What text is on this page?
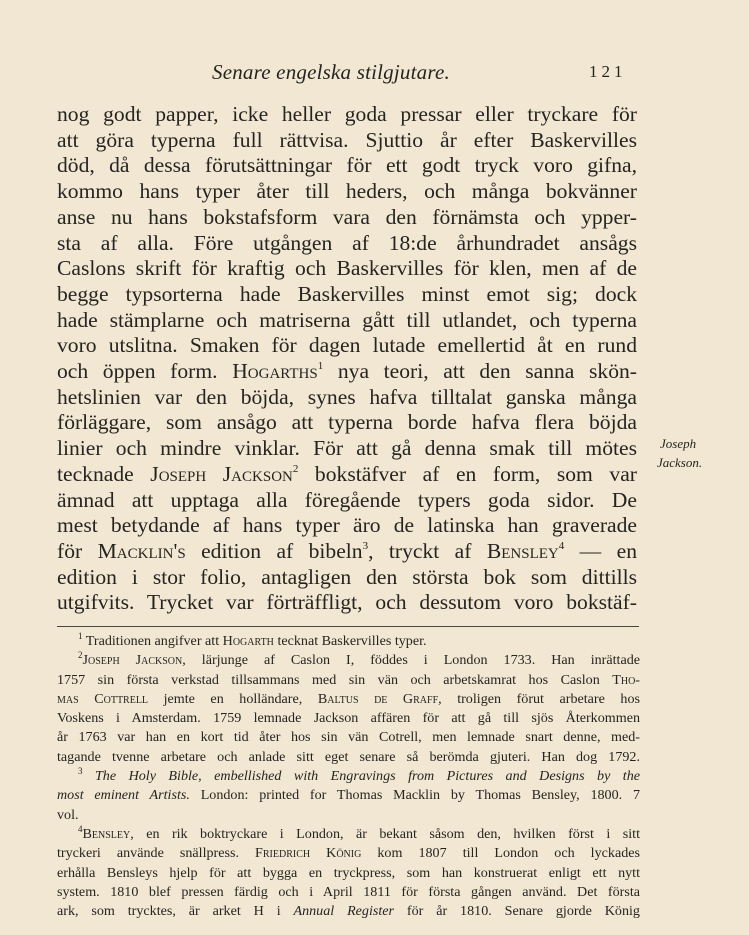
Senare engelska stilgjutare.	121
nog godt papper, icke heller goda pressar eller tryckare för
att göra typerna full rättvisa. Sjuttio år efter Baskervilles
död, då dessa förutsättningar för ett godt tryck voro gifna,
kommo hans typer åter till heders, och många bokvänner
anse nu hans bokstafsform vara den förnämsta och ypper-
sta af alla. Före utgången af 18:de århundradet ansågs
Caslons skrift för kraftig och Baskervilles för klen, men af de
begge typsorterna hade Baskervilles minst emot sig; dock
hade stämplarne och matriserna gått till utlandet, och typerna
voro utslitna. Smaken för dagen lutade emellertid åt en rund
och öppen form. Hogarths$^1$ nya teori, att den sanna skön-
hetslinien var den böjda, synes hafva tilltalat ganska många
förläggare, som ansågo att typerna borde hafva flera böjda
linier och mindre vinklar. För att gå denna smak till mötes
tecknade Joseph Jackson$^2$ bokstäfver af en form, som var
ämnad att upptaga alla föregående typers goda sidor. De
mest betydande af hans typer äro de latinska han graverade
för Macklin's edition af bibeln$^3$, tryckt af Bensley$^4$ — en
edition i stor folio, antagligen den största bok som dittills
utgifvits. Trycket var förträffligt, och dessutom voro bokstäf-
Joseph
Jackson.
$^1$ Traditionen angifver att Hogarth tecknat Baskervilles typer.
$^2$Joseph Jackson, lärjunge af Caslon I, föddes i London 1733. Han inrättade
1757 sin första verkstad tillsammans med sin vän och arbetskamrat hos Caslon Tho-
mas Cottrell jemte en holländare, Baltus de Graff, troligen förut arbetare hos
Voskens i Amsterdam. 1759 lemnade Jackson affären för att gå till sjös Återkommen
år 1763 var han en kort tid åter hos sin vän Cotrell, men lemnade snart denne, med-
tagande tvenne arbetare och anlade sitt eget senare så berömda gjuteri. Han dog 1792.
$^3$ The Holy Bible, embellished with Engravings from Pictures and Designs by the
most eminent Artists. London: printed for Thomas Macklin by Thomas Bensley, 1800. 7
vol.
$^4$Bensley, en rik boktryckare i London, är bekant såsom den, hvilken först i sitt
tryckeri använde snällpress. Friedrich König kom 1807 till London och lyckades
erhålla Bensleys hjelp för att bygga en tryckpress, som han konstruerat enligt ett nytt
system. 1810 blef pressen färdig och i April 1811 för första gången använd. Det första
ark, som trycktes, är arket H i Annual Register för år 1810. Senare gjorde König
